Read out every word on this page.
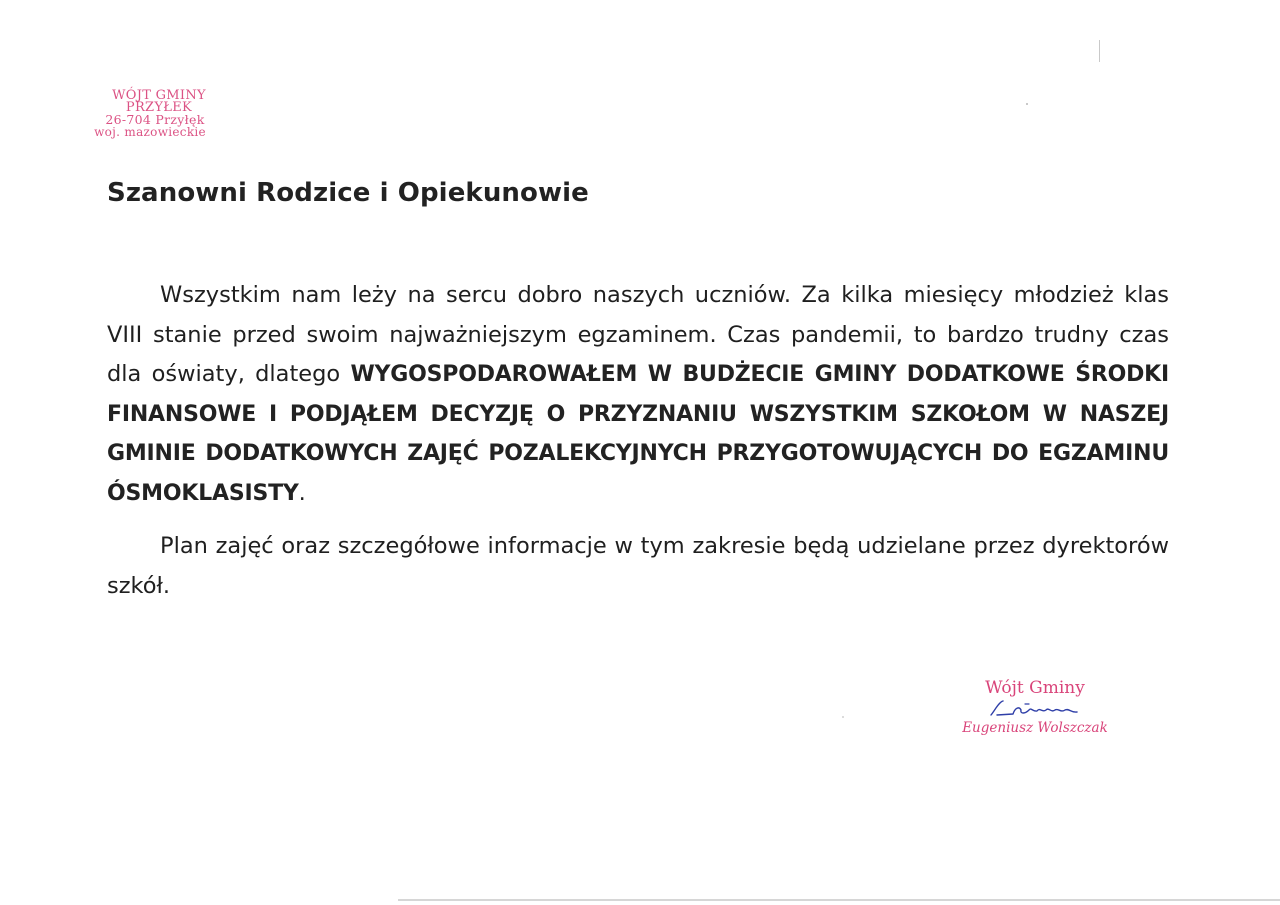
WÓJT GMINY
PRZYŁEK
26-704 Przyłęk
woj. mazowieckie
Szanowni Rodzice i Opiekunowie

Wszystkim nam leży na sercu dobro naszych uczniów. Za kilka miesięcy młodzież klas VIII stanie przed swoim najważniejszym egzaminem. Czas pandemii, to bardzo trudny czas dla oświaty, dlatego WYGOSPODAROWAŁEM W BUDŻECIE GMINY DODATKOWE ŚRODKI FINANSOWE I PODJĄŁEM DECYZJĘ O PRZYZNANIU WSZYSTKIM SZKOŁOM W NASZEJ GMINIE DODATKOWYCH ZAJĘĆ POZALEKCYJNYCH PRZYGOTOWUJĄCYCH DO EGZAMINU ÓSMOKLASISTY.

Plan zajęć oraz szczegółowe informacje w tym zakresie będą udzielane przez dyrektorów szkół.

Wójt Gminy
Eugeniusz Wolszczak
